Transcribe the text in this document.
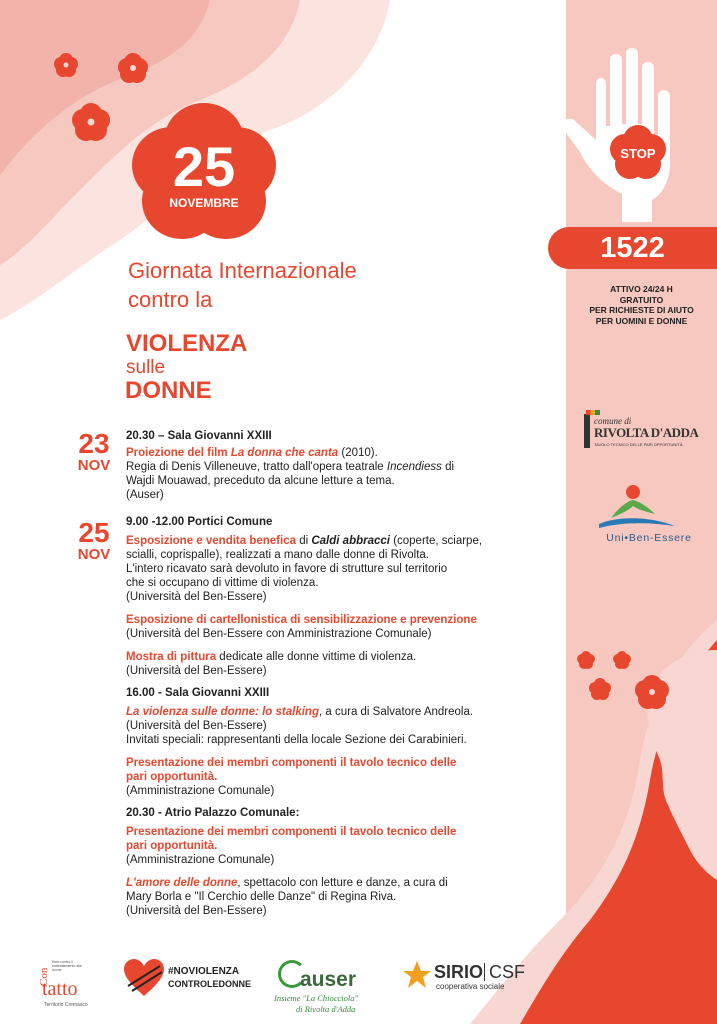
25
NOVEMBRE
Giornata Internazionale
contro la
VIOLENZA
sulle
DONNE
STOP
1522
ATTIVO 24/24 H
GRATUITO
PER RICHIESTE DI AIUTO
PER UOMINI E DONNE
comune di
RIVOLTA D'ADDA
TAVOLO TECNICO DELLE PARI OPPORTUNITÀ
Uni•Ben-Essere
23
NOV
20.30 – Sala Giovanni XXIII
Proiezione del film La donna che canta (2010).
Regia di Denis Villeneuve, tratto dall'opera teatrale Incendiess di
Wajdi Mouawad, preceduto da alcune letture a tema.
(Auser)
25
NOV
9.00 -12.00 Portici Comune
Esposizione e vendita benefica di Caldi abbracci (coperte, sciarpe,
scialli, coprispalle), realizzati a mano dalle donne di Rivolta.
L'intero ricavato sarà devoluto in favore di strutture sul territorio
che si occupano di vittime di violenza.
(Università del Ben-Essere)
Esposizione di cartellonistica di sensibilizzazione e prevenzione
(Università del Ben-Essere con Amministrazione Comunale)
Mostra di pittura dedicate alle donne vittime di violenza.
(Università del Ben-Essere)
16.00 - Sala Giovanni XXIII
La violenza sulle donne: lo stalking, a cura di Salvatore Andreola.
(Università del Ben-Essere)
Invitati speciali: rappresentanti della locale Sezione dei Carabinieri.
Presentazione dei membri componenti il tavolo tecnico delle
pari opportunità.
(Amministrazione Comunale)
20.30 - Atrio Palazzo Comunale:
Presentazione dei membri componenti il tavolo tecnico delle
pari opportunità.
(Amministrazione Comunale)
L'amore delle donne, spettacolo con letture e danze, a cura di
Mary Borla e "Il Cerchio delle Danze" di Regina Riva.
(Università del Ben-Essere)
Con
Rete contro il maltrattamento alle donne
tatto
Territorio Cremasco
#NOVIOLENZA
CONTROLEDONNE auser
Insieme "La Chiocciola"
di Rivolta d'Adda
SIRIO CSF
cooperativa sociale
